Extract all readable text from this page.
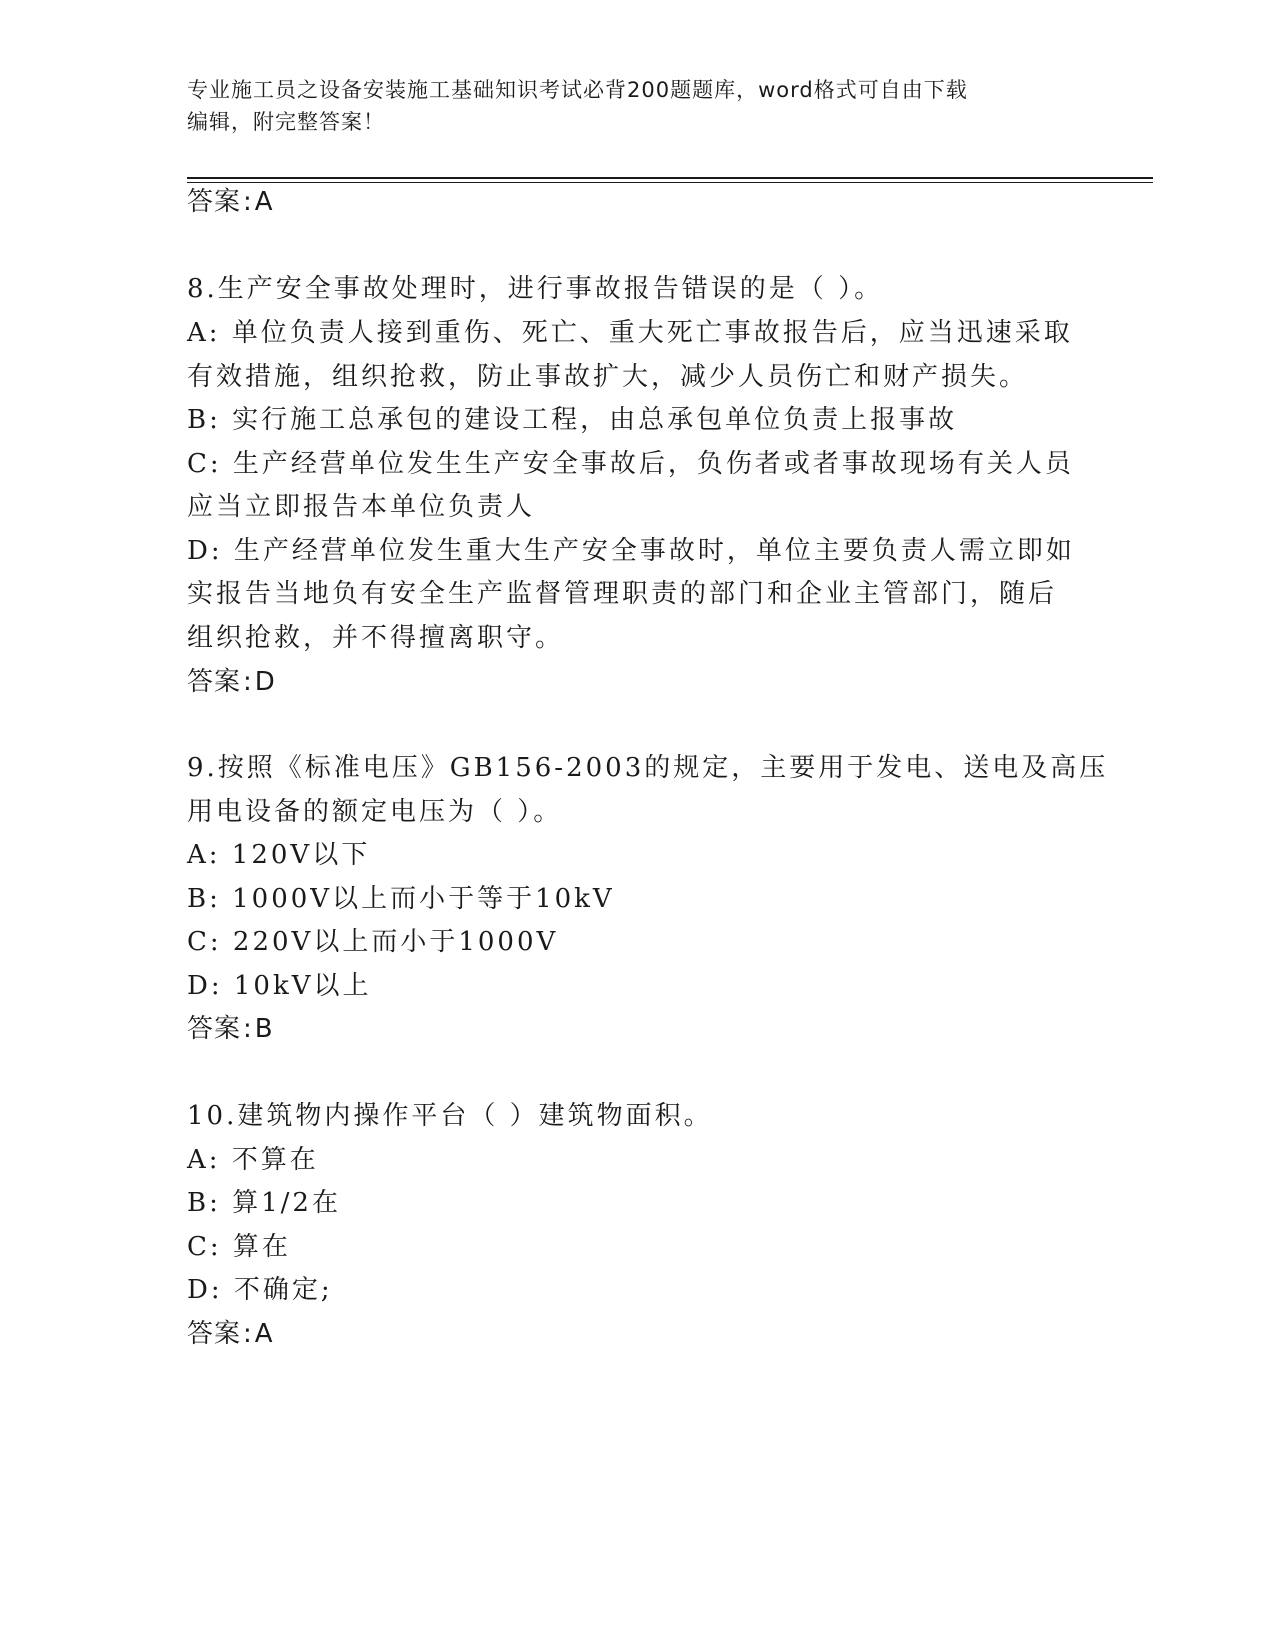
专业施工员之设备安装施工基础知识考试必背200题题库，word格式可自由下载
编辑，附完整答案！
答案:A
8.生产安全事故处理时，进行事故报告错误的是（ ）。
A: 单位负责人接到重伤、死亡、重大死亡事故报告后，应当迅速采取
有效措施，组织抢救，防止事故扩大，减少人员伤亡和财产损失。
B: 实行施工总承包的建设工程，由总承包单位负责上报事故
C: 生产经营单位发生生产安全事故后，负伤者或者事故现场有关人员
应当立即报告本单位负责人
D: 生产经营单位发生重大生产安全事故时，单位主要负责人需立即如
实报告当地负有安全生产监督管理职责的部门和企业主管部门，随后
组织抢救，并不得擅离职守。
答案:D
9.按照《标准电压》GB156-2003的规定，主要用于发电、送电及高压
用电设备的额定电压为（ ）。
A: 120V以下
B: 1000V以上而小于等于10kV
C: 220V以上而小于1000V
D: 10kV以上
答案:B
10.建筑物内操作平台（ ）建筑物面积。
A: 不算在
B: 算1/2在
C: 算在
D: 不确定;
答案:A
